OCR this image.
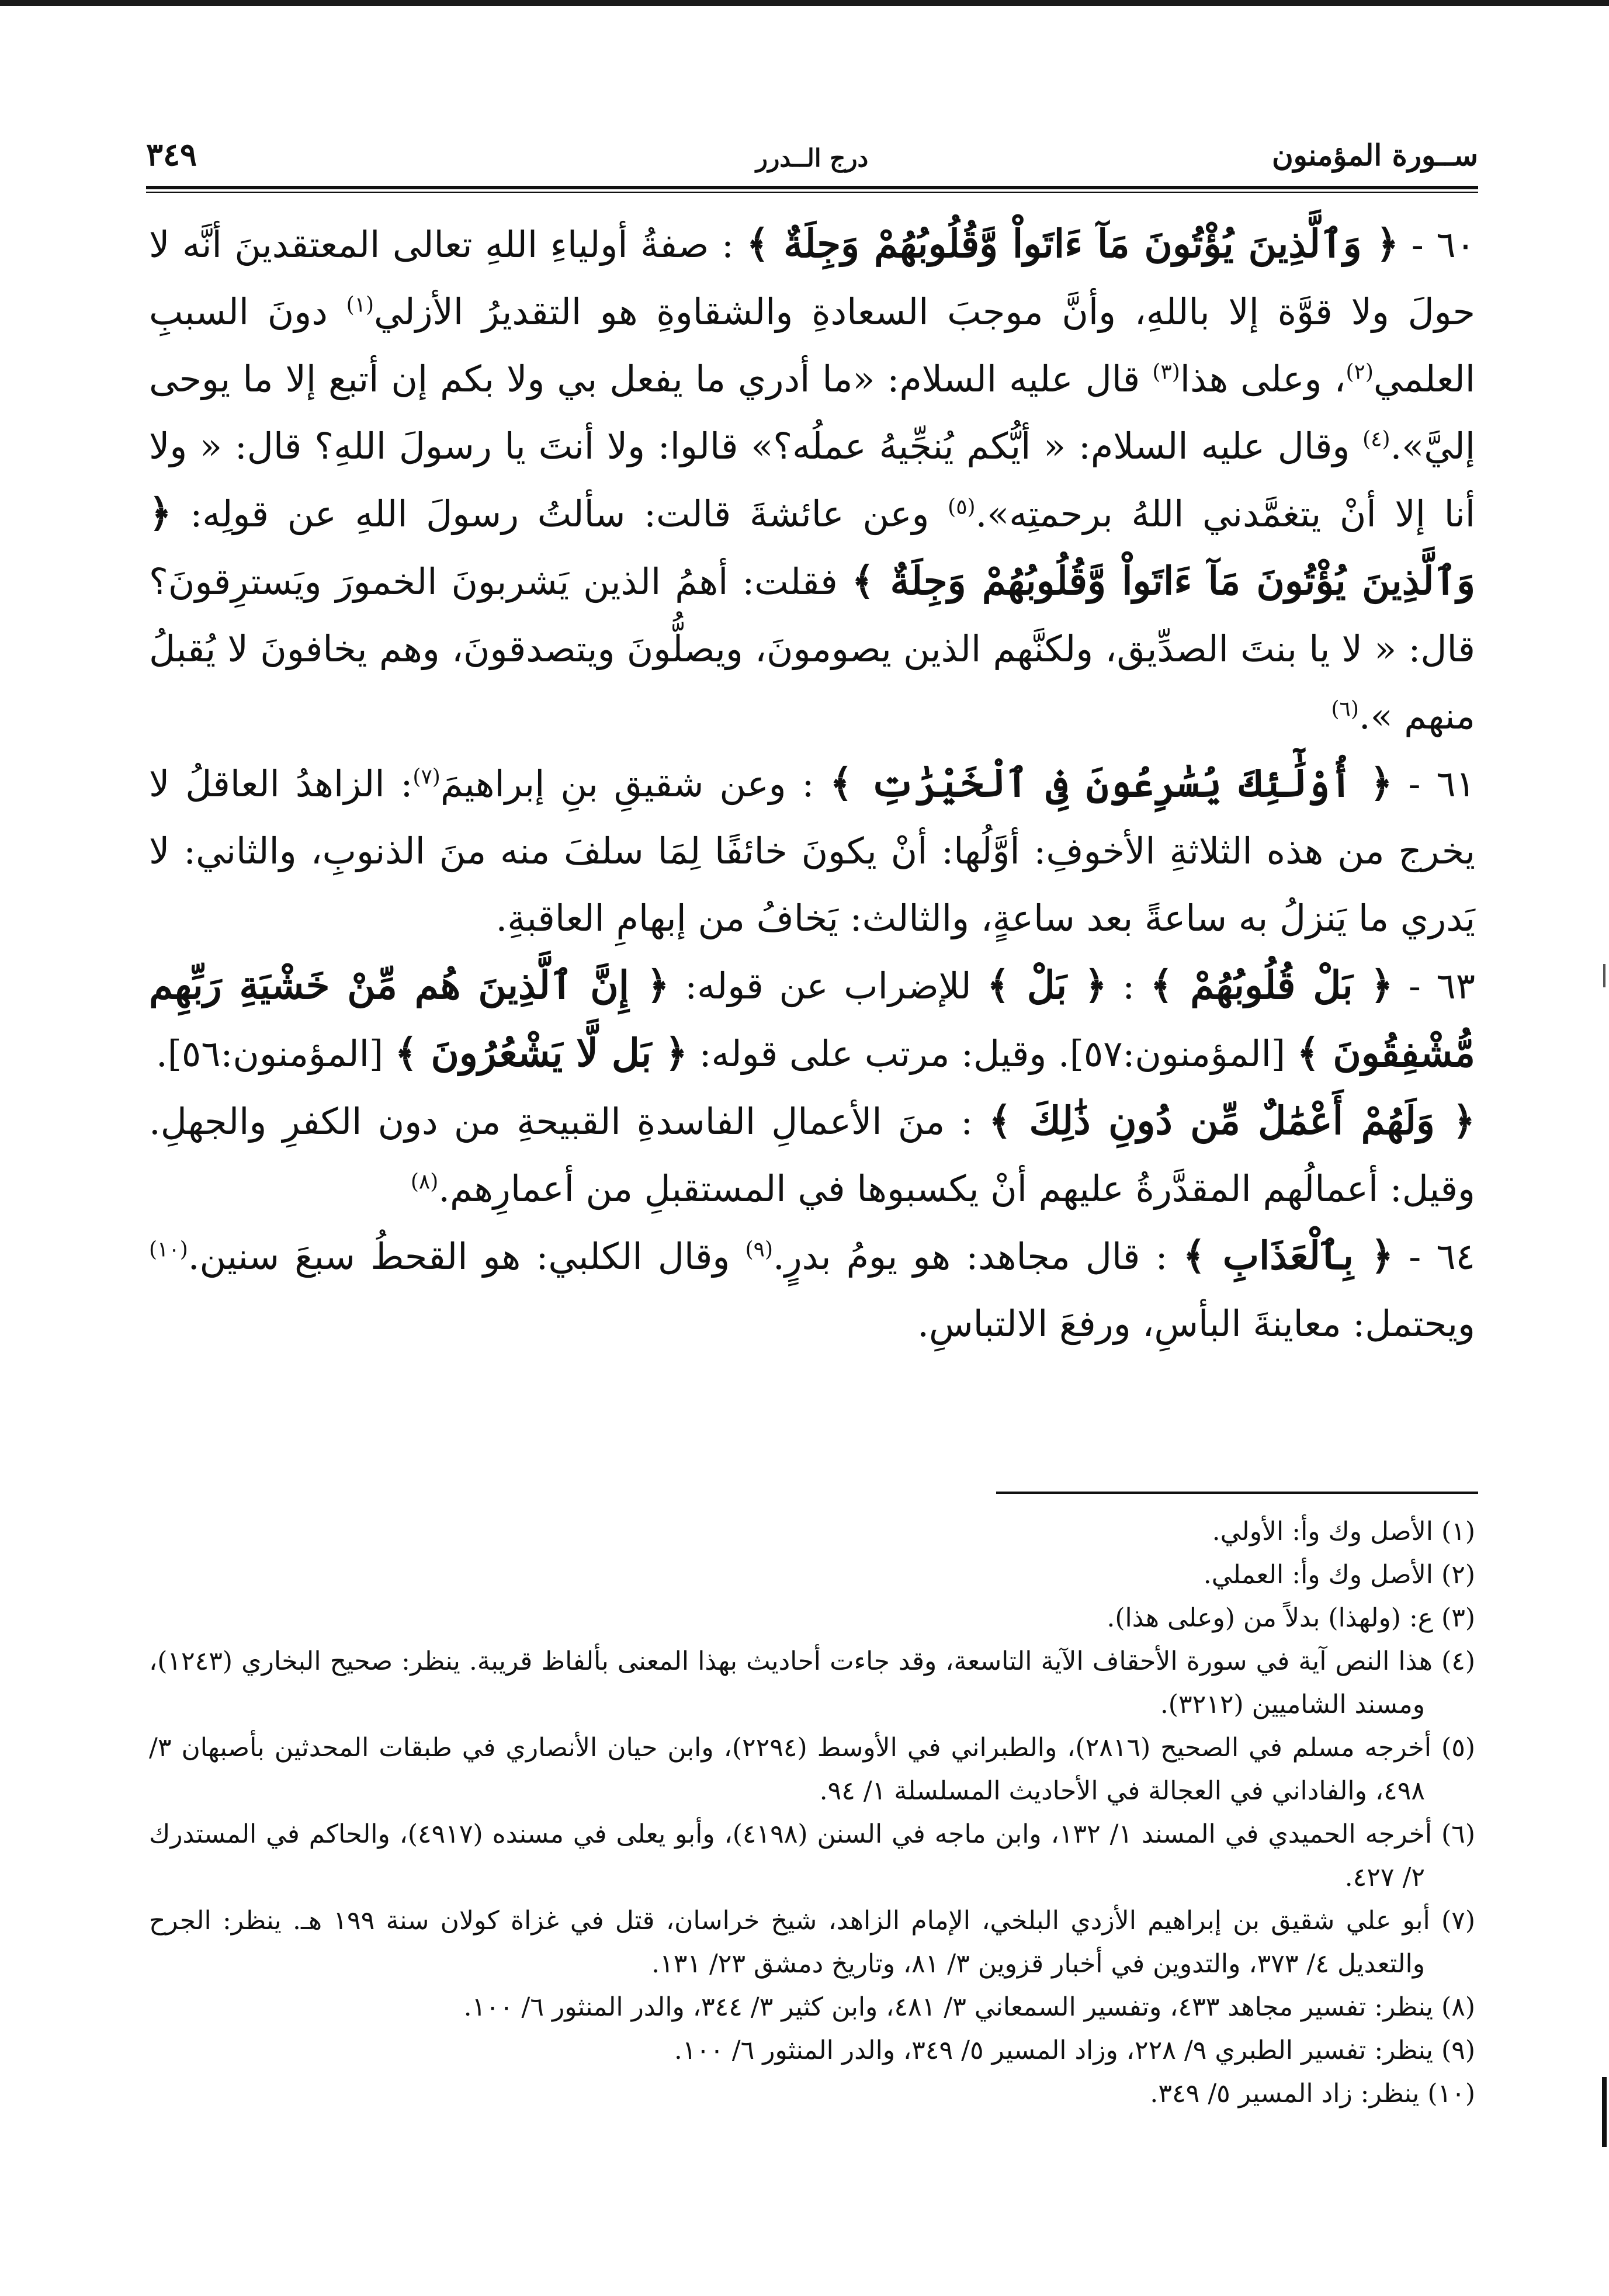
ســورة المؤمنون
درج الــدرر
٣٤٩

٦٠ - ﴿ وَٱلَّذِينَ يُؤْتُونَ مَآ ءَاتَواْ وَّقُلُوبُهُمْ وَجِلَةٌ ﴾ : صفةُ أولياءِ اللهِ تعالى المعتقدينَ أنَّه لا حولَ ولا قوَّة إلا باللهِ، وأنَّ موجبَ السعادةِ والشقاوةِ هو التقديرُ الأزلي$^{(١)}$ دونَ السببِ العلمي$^{(٢)}$، وعلى هذا$^{(٣)}$ قال عليه السلام: «ما أدري ما يفعل بي ولا بكم إن أتبع إلا ما يوحى إليَّ».$^{(٤)}$ وقال عليه السلام: « أيُّكم يُنجِّيهُ عملُه؟» قالوا: ولا أنتَ يا رسولَ اللهِ؟ قال: « ولا أنا إلا أنْ يتغمَّدني اللهُ برحمتِه».$^{(٥)}$ وعن عائشةَ قالت: سألتُ رسولَ اللهِ عن قولِه: ﴿ وَٱلَّذِينَ يُؤْتُونَ مَآ ءَاتَواْ وَّقُلُوبُهُمْ وَجِلَةٌ ﴾ فقلت: أهمُ الذين يَشربونَ الخمورَ ويَسترِقونَ؟ قال: « لا يا بنتَ الصدِّيق، ولكنَّهم الذين يصومونَ، ويصلُّونَ ويتصدقونَ، وهم يخافونَ لا يُقبلُ منهم ».$^{(٦)}$

٦١ - ﴿ أُوْلَٰٓئِكَ يُسَٰرِعُونَ فِى ٱلْخَيْرَٰتِ ﴾ : وعن شقيقِ بنِ إبراهيمَ$^{(٧)}$: الزاهدُ العاقلُ لا يخرج من هذه الثلاثةِ الأخوفِ: أوَّلُها: أنْ يكونَ خائفًا لِمَا سلفَ منه منَ الذنوبِ، والثاني: لا يَدري ما يَنزلُ به ساعةً بعد ساعةٍ، والثالث: يَخافُ من إبهامِ العاقبةِ.

٦٣ - ﴿ بَلْ قُلُوبُهُمْ ﴾ : ﴿ بَلْ ﴾ للإضراب عن قوله: ﴿ إِنَّ ٱلَّذِينَ هُم مِّنْ خَشْيَةِ رَبِّهِم مُّشْفِقُونَ ﴾ [المؤمنون:٥٧]. وقيل: مرتب على قوله: ﴿ بَل لَّا يَشْعُرُونَ ﴾ [المؤمنون:٥٦].

﴿ وَلَهُمْ أَعْمَٰلٌ مِّن دُونِ ذَٰلِكَ ﴾ : منَ الأعمالِ الفاسدةِ القبيحةِ من دون الكفرِ والجهلِ. وقيل: أعمالُهم المقدَّرةُ عليهم أنْ يكسبوها في المستقبلِ من أعمارِهم.$^{(٨)}$

٦٤ - ﴿ بِٱلْعَذَابِ ﴾ : قال مجاهد: هو يومُ بدرٍ.$^{(٩)}$ وقال الكلبي: هو القحطُ سبعَ سنين.$^{(١٠)}$ ويحتمل: معاينةَ البأسِ، ورفعَ الالتباسِ.

(١) الأصل وك وأ: الأولي.

(٢) الأصل وك وأ: العملي.

(٣) ع: (ولهذا) بدلاً من (وعلى هذا).

(٤) هذا النص آية في سورة الأحقاف الآية التاسعة، وقد جاءت أحاديث بهذا المعنى بألفاظ قريبة. ينظر: صحيح البخاري (١٢٤٣)، ومسند الشاميين (٣٢١٢).

(٥) أخرجه مسلم في الصحيح (٢٨١٦)، والطبراني في الأوسط (٢٢٩٤)، وابن حيان الأنصاري في طبقات المحدثين بأصبهان ٣/ ٤٩٨، والفاداني في العجالة في الأحاديث المسلسلة ١/ ٩٤.

(٦) أخرجه الحميدي في المسند ١/ ١٣٢، وابن ماجه في السنن (٤١٩٨)، وأبو يعلى في مسنده (٤٩١٧)، والحاكم في المستدرك ٢/ ٤٢٧.

(٧) أبو علي شقيق بن إبراهيم الأزدي البلخي، الإمام الزاهد، شيخ خراسان، قتل في غزاة كولان سنة ١٩٩ هـ. ينظر: الجرح والتعديل ٤/ ٣٧٣، والتدوين في أخبار قزوين ٣/ ٨١، وتاريخ دمشق ٢٣/ ١٣١.

(٨) ينظر: تفسير مجاهد ٤٣٣، وتفسير السمعاني ٣/ ٤٨١، وابن كثير ٣/ ٣٤٤، والدر المنثور ٦/ ١٠٠.

(٩) ينظر: تفسير الطبري ٩/ ٢٢٨، وزاد المسير ٥/ ٣٤٩، والدر المنثور ٦/ ١٠٠.

(١٠) ينظر: زاد المسير ٥/ ٣٤٩.
